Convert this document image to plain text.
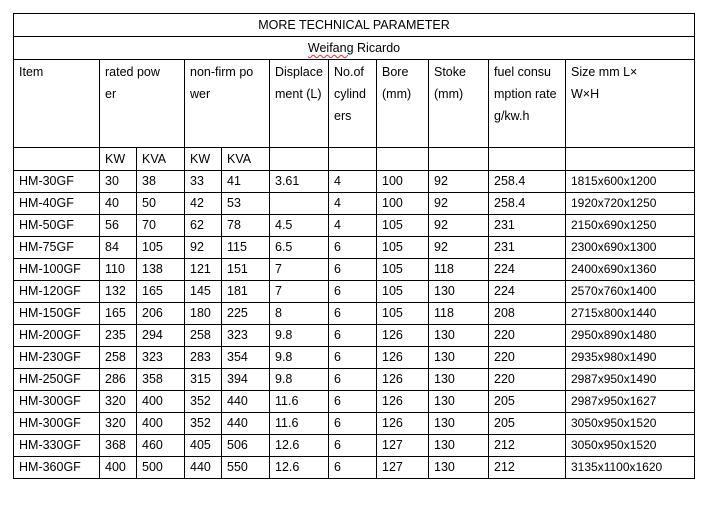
MORE TECHNICAL PARAMETER										
Weifang Ricardo										
Item	rated power		non-firm power		Displacement (L)	No.of cylinders	Bore (mm)	Stoke (mm)	fuel consumption rate g/kw.h	Size mm L×W×H

	KW	KVA	KW	KVA						
HM-30GF	30	38	33	41	3.61	4	100	92	258.4	1815x600x1200
HM-40GF	40	50	42	53		4	100	92	258.4	1920x720x1250
HM-50GF	56	70	62	78	4.5	4	105	92	231	2150x690x1250
HM-75GF	84	105	92	115	6.5	6	105	92	231	2300x690x1300
HM-100GF	110	138	121	151	7	6	105	118	224	2400x690x1360
HM-120GF	132	165	145	181	7	6	105	130	224	2570x760x1400
HM-150GF	165	206	180	225	8	6	105	118	208	2715x800x1440
HM-200GF	235	294	258	323	9.8	6	126	130	220	2950x890x1480
HM-230GF	258	323	283	354	9.8	6	126	130	220	2935x980x1490
HM-250GF	286	358	315	394	9.8	6	126	130	220	2987x950x1490
HM-300GF	320	400	352	440	11.6	6	126	130	205	2987x950x1627
HM-300GF	320	400	352	440	11.6	6	126	130	205	3050x950x1520
HM-330GF	368	460	405	506	12.6	6	127	130	212	3050x950x1520
HM-360GF	400	500	440	550	12.6	6	127	130	212	3135x1100x1620
